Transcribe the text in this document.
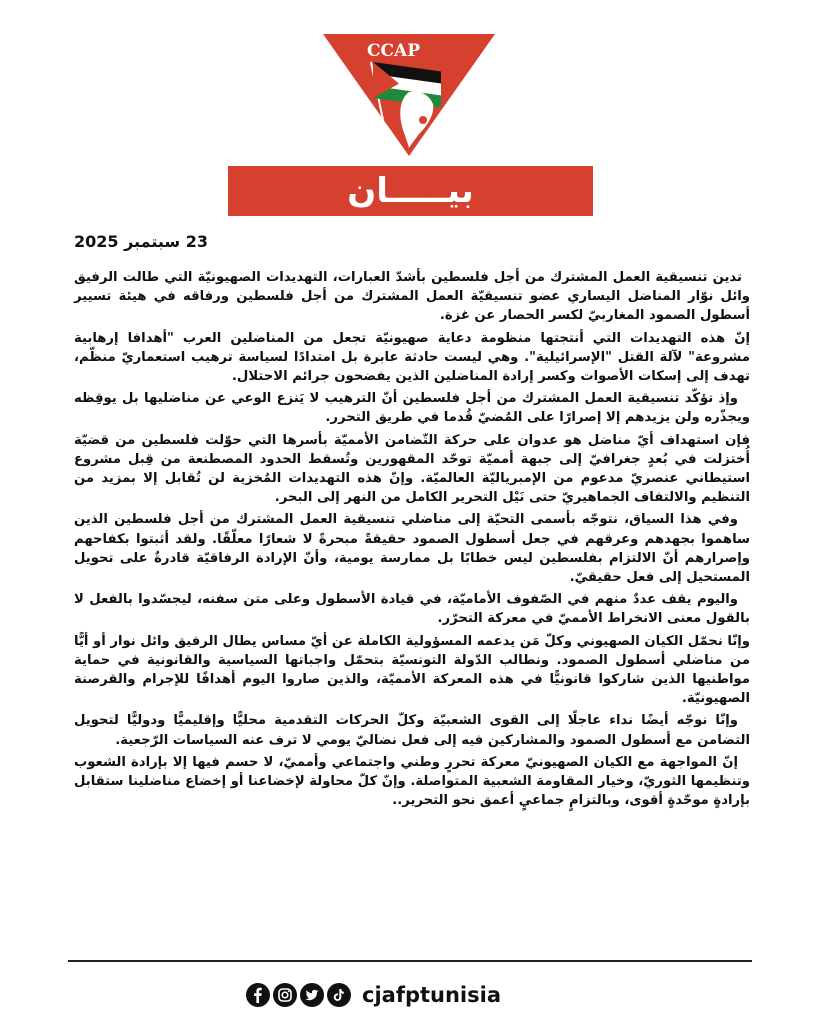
CCAP
بيـــــان
23 سبتمبر 2025

تدين تنسيقية العمل المشترك من أجل فلسطين بأشدّ العبارات، التهديدات الصهيونيّة التي طالت الرفيق وائل نوّار المناضل اليساري عضو تنسيقيّة العمل المشترك من أجل فلسطين ورفاقه في هيئة تسيير أسطول الصمود المغاربيّ لكسر الحصار عن غزة.

إنّ هذه التهديدات التي أنتجتها منظومة دعاية صهيونيّة تجعل من المناضلين العرب "أهدافا إرهابية مشروعة" لآلة القتل "الإسرائيلية". وهي ليست حادثة عابرة بل امتدادًا لسياسة ترهيب استعماريّ منظّم، تهدف إلى إسكات الأصوات وكسر إرادة المناضلين الذين يفضحون جرائم الاحتلال.

وإذ تؤكّد تنسيقية العمل المشترك من أجل فلسطين أنّ الترهيب لا يَنزع الوعي عن مناضليها بل يوقِظه ويجذّره ولن يزيدهم إلا إصرارًا على المُضيّ قُدما في طريق التحرر.

فإن استهداف أيّ مناضل هو عدوان على حركة التّضامن الأمميّة بأسرها التي حوّلت فلسطين من قضيّة أُختزلت في بُعدٍ جغرافيّ إلى جبهة أمميّة توحّد المقهورين وتُسقط الحدود المصطنعة من قِبل مشروع استيطاني عنصريّ مدعوم من الإمبرياليّة العالميّة. وإنّ هذه التهديدات المُخزية لن تُقابل إلا بمزيد من التنظيم والالتفاف الجماهيريّ حتى نَيْل التحرير الكامل من النهر إلى البحر.

وفي هذا السياق، نتوجّه بأسمى التحيّة إلى مناضلي تنسيقية العمل المشترك من أجل فلسطين الذين ساهموا بجهدهم وعرقهم في جعل أسطول الصمود حقيقةً مبحرةً لا شعارًا معلّقًا. ولقد أثبتوا بكفاحهم وإصرارهم أنّ الالتزام بفلسطين ليس خطابًا بل ممارسة يومية، وأنّ الإرادة الرفاقيّة قادرةٌ على تحويل المستحيل إلى فعل حقيقيّ.

واليوم يقف عددٌ منهم في الصّفوف الأماميّة، في قيادة الأسطول وعلى متن سفنه، ليجسّدوا بالفعل لا بالقول معنى الانخراط الأمميّ في معركة التحرّر.

وإنّا نحمّل الكيان الصهيوني وكلّ مَن يدعمه المسؤولية الكاملة عن أيّ مساس يطال الرفيق وائل نوار أو أيًّا من مناضلي أسطول الصمود. ونطالب الدّولة التونسيّة بتحمّل واجباتها السياسية والقانونية في حماية مواطنيها الذين شاركوا قانونيًّا في هذه المعركة الأمميّة، والذين صاروا اليوم أهدافًا للإجرام والقرصنة الصهيونيّة.

وإنّا نوجّه أيضًا نداء عاجلًا إلى القوى الشعبيّة وكلّ الحركات التقدمية محليًّا وإقليميًّا ودوليًّا لتحويل التضامن مع أسطول الصمود والمشاركين فيه إلى فعل نضاليّ يومي لا ترف عنه السياسات الرّجعية.

إنّ المواجهة مع الكيان الصهيونيّ معركة تحررٍ وطني واجتماعي وأمميّ، لا حسم فيها إلا بإرادة الشعوب وتنظيمها الثوريّ، وخيار المقاومة الشعبية المتواصلة. وإنّ كلّ محاولة لإخضاعنا أو إخضاع مناضلينا ستقابل بإرادةٍ موحّدةٍ أقوى، وبالتزامٍ جماعيٍ أعمق نحو التحرير..

cjafptunisia
